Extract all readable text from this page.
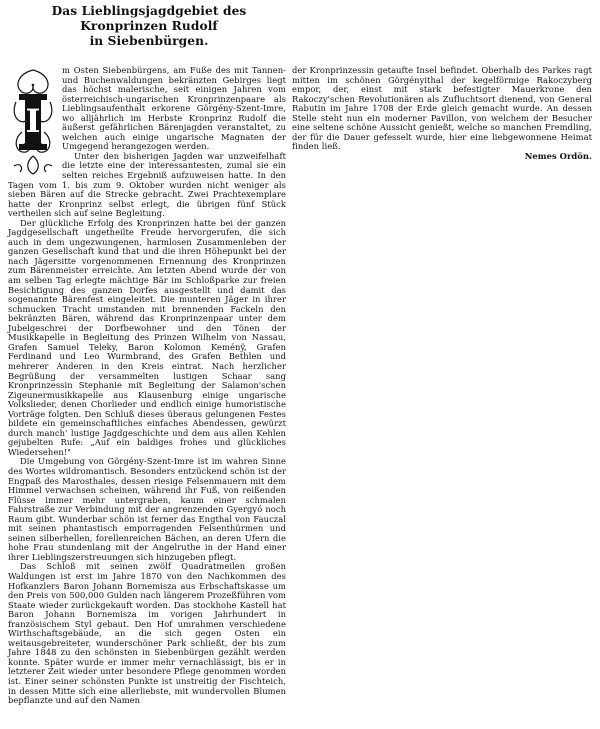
Das Lieblingsjagdgebiet des Kronprinzen Rudolf
in Siebenbürgen.
I

m Osten Siebenbürgens, am Fuße des mit Tannen- und Buchenwaldungen bekränzten Gebirges liegt das höchst malerische, seit einigen Jahren vom österreichisch-ungarischen Kronprinzenpaare als Lieblingsaufenthalt erkorene Görgény-Szent-Imre, wo alljährlich im Herbste Kronprinz Rudolf die äußerst gefährlichen Bärenjagden veranstaltet, zu welchen auch einige ungarische Magnaten der Umgegend herangezogen werden.

Unter den bisherigen Jagden war unzweifelhaft die letzte eine der interessantesten, zumal sie ein selten reiches Ergebniß aufzuweisen hatte. In den Tagen vom 1. bis zum 9. Oktober wurden nicht weniger als sieben Bären auf die Strecke gebracht. Zwei Prachtexemplare hatte der Kronprinz selbst erlegt, die übrigen fünf Stück vertheilen sich auf seine Begleitung.

Der glückliche Erfolg des Kronprinzen hatte bei der ganzen Jagdgesellschaft ungetheilte Freude hervorgerufen, die sich auch in dem ungezwungenen, harmlosen Zusammenleben der ganzen Gesellschaft kund that und die ihren Höhepunkt bei der nach Jägersitte vorgenommenen Ernennung des Kronprinzen zum Bärenmeister erreichte. Am letzten Abend wurde der von am selben Tag erlegte mächtige Bär im Schloßparke zur freien Besichtigung des ganzen Dorfes ausgestellt und damit das sogenannte Bärenfest eingeleitet. Die munteren Jäger in ihrer schmucken Tracht umstanden mit brennenden Fackeln den bekränzten Bären, während das Kronprinzenpaar unter dem Jubelgeschrei der Dorfbewohner und den Tönen der Musikkapelle in Begleitung des Prinzen Wilhelm von Nassau, Grafen Samuel Teleky, Baron Kolomon Keménÿ, Grafen Ferdinand und Leo Wurmbrand, des Grafen Bethlen und mehrerer Anderen in den Kreis eintrat. Nach herzlicher Begrüßung der versammelten lustigen Schaar sang Kronprinzessin Stephanie mit Begleitung der Salamon'schen Zigeunermusikkapelle aus Klausenburg einige ungarische Volkslieder, denen Chorlieder und endlich einige humoristische Vorträge folgten. Den Schluß dieses überaus gelungenen Festes bildete ein gemeinschaftliches einfaches Abendessen, gewürzt durch manch' lustige Jagdgeschichte und dem aus allen Kehlen gejubelten Rufe: „Auf ein baldiges frohes und glückliches Wiedersehen!"

Die Umgebung von Görgény-Szent-Imre ist im wahren Sinne des Wortes wildromantisch. Besonders entzückend schön ist der Engpaß des Marosthales, dessen riesige Felsenmauern mit dem Himmel verwachsen scheinen, während ihr Fuß, von reißenden Flüsse immer mehr untergraben, kaum einer schmalen Fahrstraße zur Verbindung mit der angrenzenden Gyergyó noch Raum gibt. Wunderbar schön ist ferner das Engthal von Fauczal mit seinen phantastisch emporragenden Felsenthürmen und seinen silberhellen, forellenreichen Bächen, an deren Ufern die hohe Frau stundenlang mit der Angelruthe in der Hand einer ihrer Lieblingszerstreuungen sich hinzugeben pflegt.

Das Schloß mit seinen zwölf Quadratmeilen großen Waldungen ist erst im Jahre 1870 von den Nachkommen des Hofkanzlers Baron Johann Bornemisza aus Erbschaftskasse um den Preis von 500,000 Gulden nach längerem Prozeßführen vom Staate wieder zurückgekauft worden. Das stockhohe Kastell hat Baron Johann Bornemisza im vorigen Jahrhundert in französischem Styl gebaut. Den Hof umrahmen verschiedene Wirthschaftsgebäude, an die sich gegen Osten ein weitausgebreiteter, wunderschöner Park schließt, der bis zum Jahre 1848 zu den schönsten in Siebenbürgen gezählt werden konnte. Später wurde er immer mehr vernachlässigt, bis er in letzterer Zeit wieder unter besondere Pflege genommen worden ist. Einer seiner schönsten Punkte ist unstreitig der Fischteich, in dessen Mitte sich eine allerliebste, mit wundervollen Blumen bepflanzte und auf den Namen

der Kronprinzessin getaufte Insel befindet. Oberhalb des Parkes ragt mitten im schönen Görgényithal der kegelförmige Rakoczyberg empor, der, einst mit stark befestigter Mauerkrone den Rakoczy'schen Revolutionären als Zufluchtsort dienend, von General Rabutin im Jahre 1708 der Erde gleich gemacht wurde. An dessen Stelle steht nun ein moderner Pavillon, von welchem der Besucher eine seltene schöne Aussicht genießt, welche so manchen Fremdling, der für die Dauer gefesselt wurde, hier eine liebgewonnene Heimat finden ließ.

Nemes Ordön.
